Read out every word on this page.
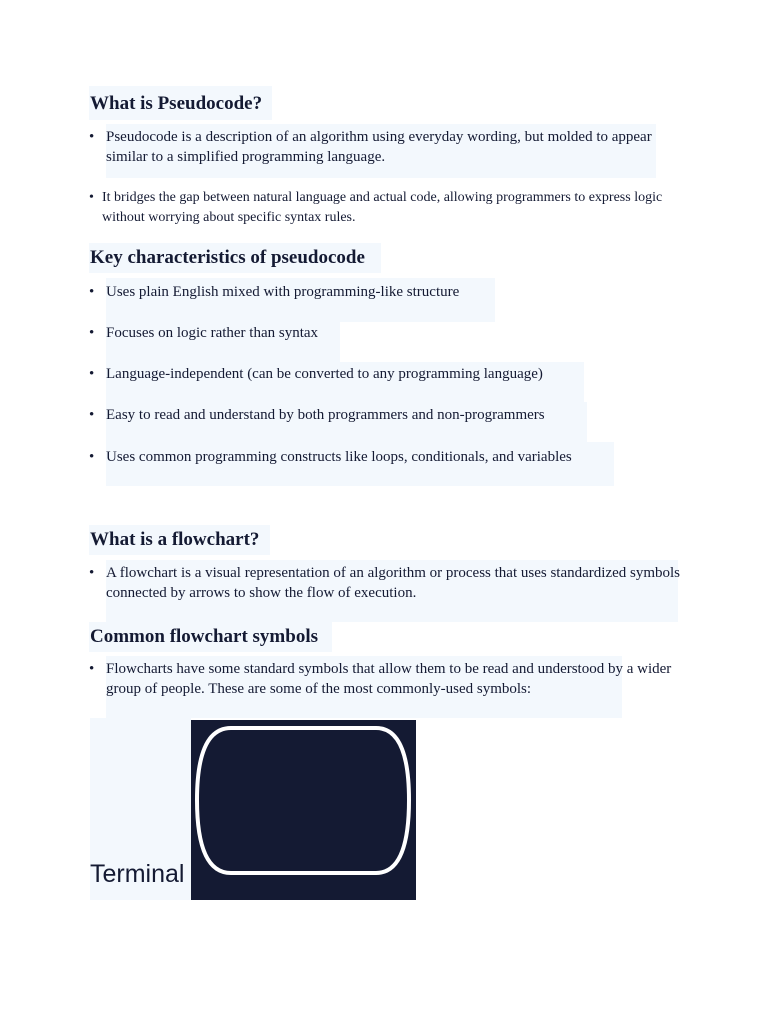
What is Pseudocode?
• Pseudocode is a description of an algorithm using everyday wording, but molded to appear similar to a simplified programming language.
• It bridges the gap between natural language and actual code, allowing programmers to express logic without worrying about specific syntax rules.
Key characteristics of pseudocode
• Uses plain English mixed with programming-like structure
• Focuses on logic rather than syntax
• Language-independent (can be converted to any programming language)
• Easy to read and understand by both programmers and non-programmers
• Uses common programming constructs like loops, conditionals, and variables
What is a flowchart?
• A flowchart is a visual representation of an algorithm or process that uses standardized symbols connected by arrows to show the flow of execution.
Common flowchart symbols
• Flowcharts have some standard symbols that allow them to be read and understood by a wider group of people. These are some of the most commonly-used symbols:
Terminal
